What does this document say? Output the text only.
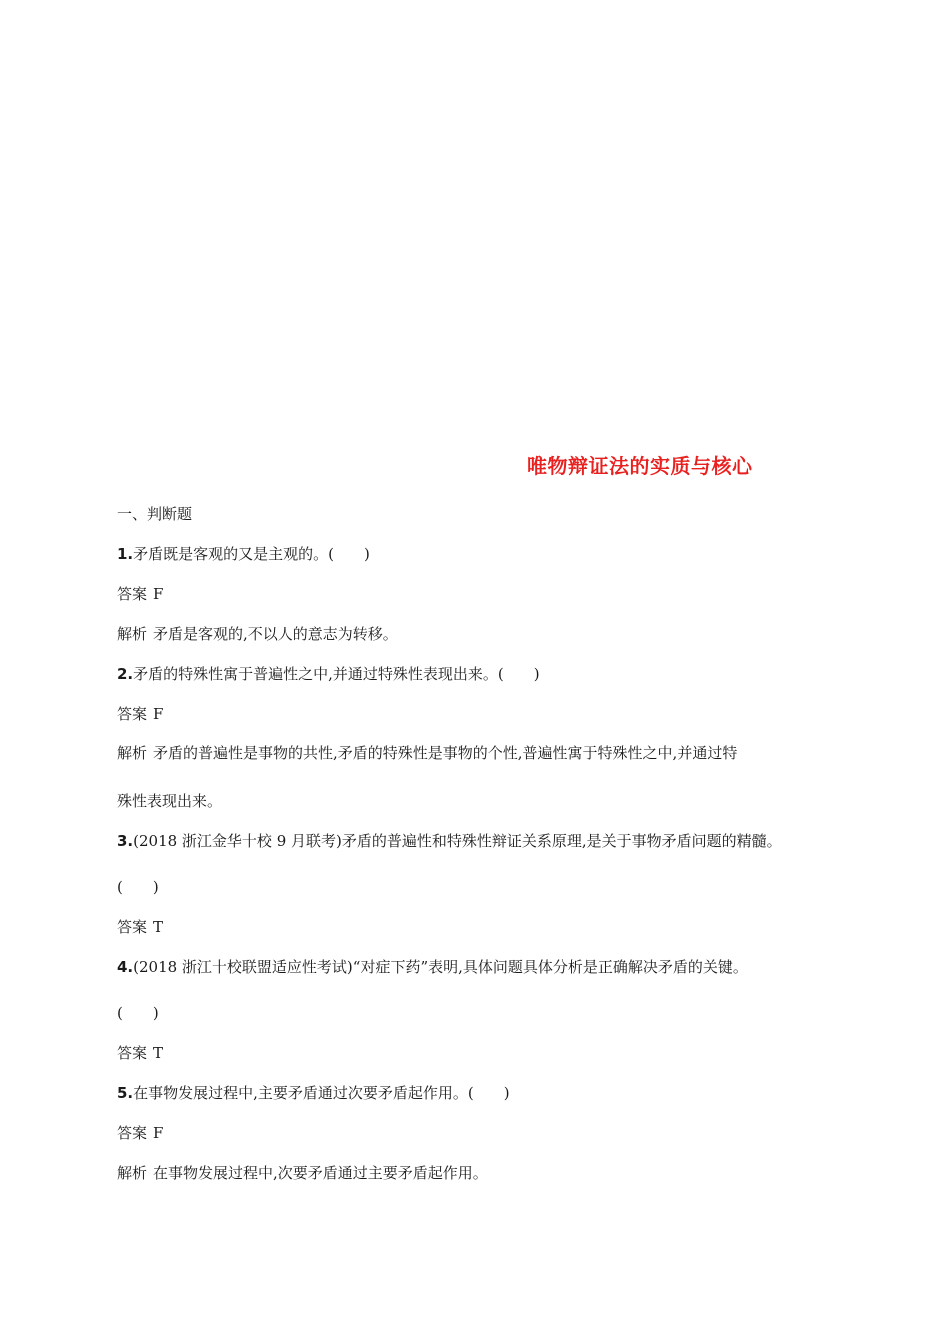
唯物辩证法的实质与核心
一、判断题
1.矛盾既是客观的又是主观的。(　　)
答案 F
解析 矛盾是客观的,不以人的意志为转移。
2.矛盾的特殊性寓于普遍性之中,并通过特殊性表现出来。(　　)
答案 F
解析 矛盾的普遍性是事物的共性,矛盾的特殊性是事物的个性,普遍性寓于特殊性之中,并通过特
殊性表现出来。
3.(2018 浙江金华十校 9 月联考)矛盾的普遍性和特殊性辩证关系原理,是关于事物矛盾问题的精髓。
(　　)
答案 T
4.(2018 浙江十校联盟适应性考试)“对症下药”表明,具体问题具体分析是正确解决矛盾的关键。
(　　)
答案 T
5.在事物发展过程中,主要矛盾通过次要矛盾起作用。(　　)
答案 F
解析 在事物发展过程中,次要矛盾通过主要矛盾起作用。
